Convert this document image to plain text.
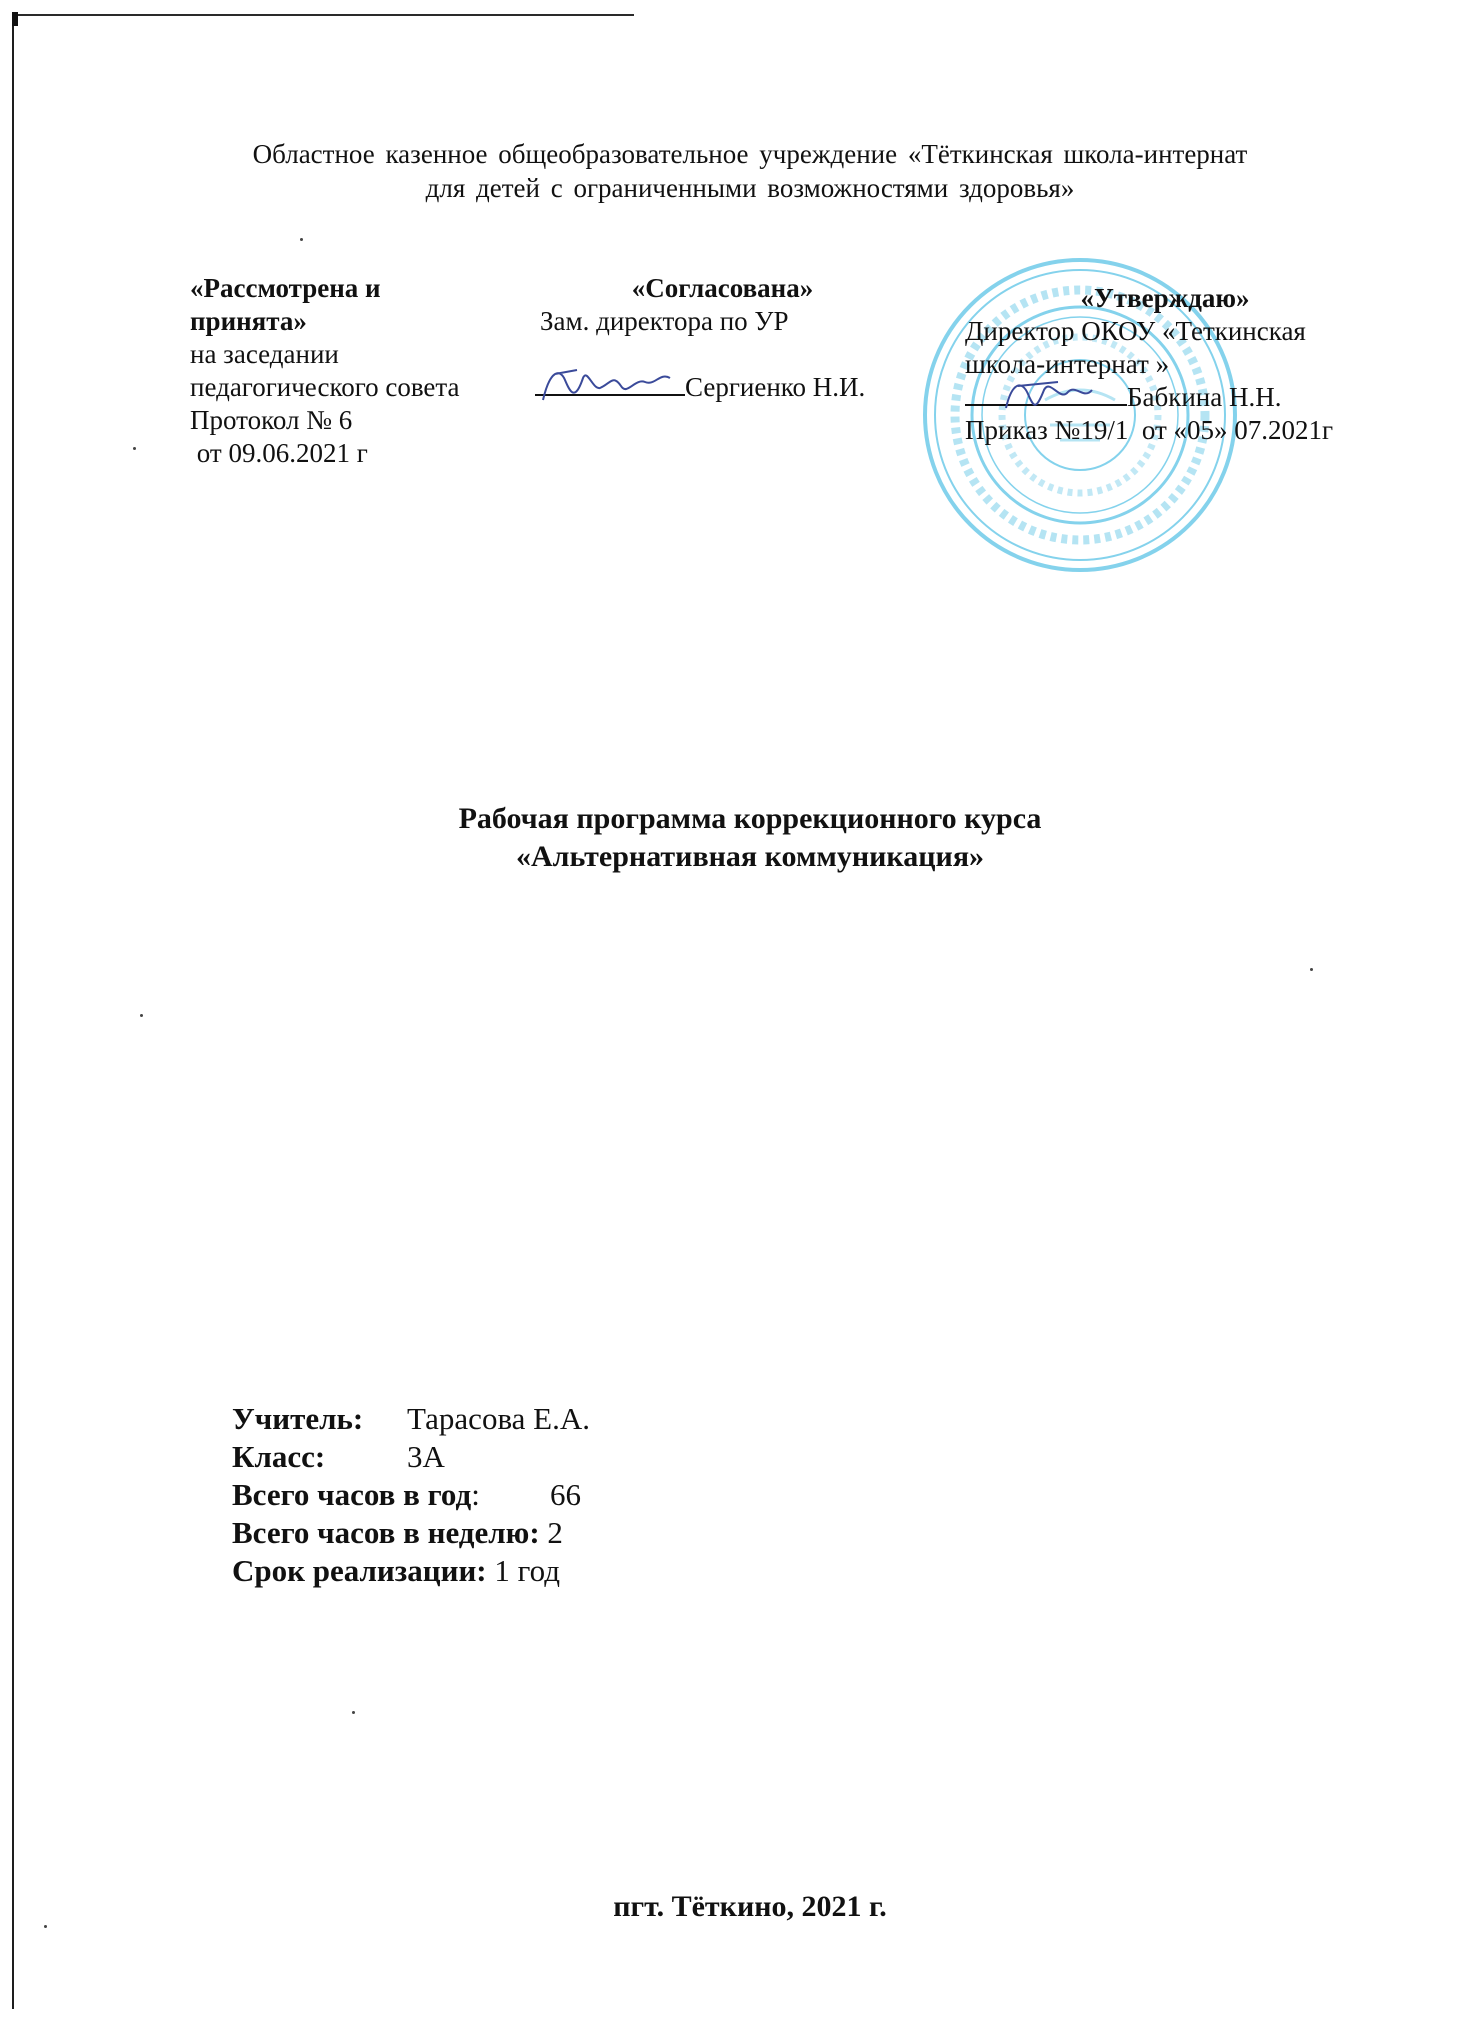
Областное казенное общеобразовательное учреждение «Тёткинская школа-интернат
для детей с ограниченными возможностями здоровья»
«Рассмотрена и
принята»
на заседании
педагогического совета
Протокол № 6
от 09.06.2021 г
«Согласована»
Зам. директора по УР
Сергиенко Н.И.
«Утверждаю»
Директор ОКОУ «Теткинская
школа-интернат »
Бабкина Н.Н.
Приказ №19/1  от «05» 07.2021г
Рабочая программа коррекционного курса
«Альтернативная коммуникация»
Учитель: Тарасова Е.А.
Класс:	3А
Всего часов в год: 66
Всего часов в неделю: 2
Срок реализации: 1 год
пгт. Тёткино, 2021 г.
